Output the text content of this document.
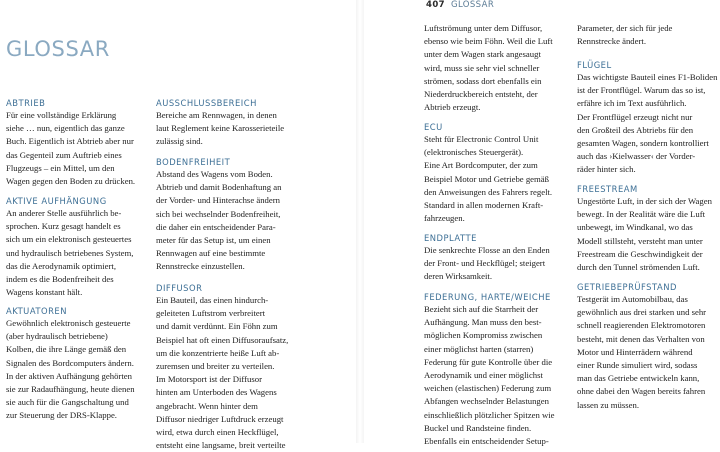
GLOSSAR
ABTRIEB

Für eine vollständige Erklärung
siehe … nun, eigentlich das ganze
Buch. Eigentlich ist Abtrieb aber nur
das Gegenteil zum Auftrieb eines
Flugzeugs – ein Mittel, um den
Wagen gegen den Boden zu drücken.

AKTIVE AUFHÄNGUNG

An anderer Stelle ausführlich be-
sprochen. Kurz gesagt handelt es
sich um ein elektronisch gesteuertes
und hydraulisch betriebenes System,
das die Aerodynamik optimiert,
indem es die Bodenfreiheit des
Wagens konstant hält.

AKTUATOREN

Gewöhnlich elektronisch gesteuerte
(aber hydraulisch betriebene)
Kolben, die ihre Länge gemäß den
Signalen des Bordcomputers ändern.
In der aktiven Aufhängung gehörten
sie zur Radaufhängung, heute dienen
sie auch für die Gangschaltung und
zur Steuerung der DRS-Klappe.

AUSSCHLUSSBEREICH

Bereiche am Rennwagen, in denen
laut Reglement keine Karosserieteile
zulässig sind.

BODENFREIHEIT

Abstand des Wagens vom Boden.
Abtrieb und damit Bodenhaftung an
der Vorder- und Hinterachse ändern
sich bei wechselnder Bodenfreiheit,
die daher ein entscheidender Para-
meter für das Setup ist, um einen
Rennwagen auf eine bestimmte
Rennstrecke einzustellen.

DIFFUSOR

Ein Bauteil, das einen hindurch-
geleiteten Luftstrom verbreitert
und damit verdünnt. Ein Föhn zum
Beispiel hat oft einen Diffusoraufsatz,
um die konzentrierte heiße Luft ab-
zuremsen und breiter zu verteilen.
Im Motorsport ist der Diffusor
hinten am Unterboden des Wagens
angebracht. Wenn hinter dem
Diffusor niedriger Luftdruck erzeugt
wird, etwa durch einen Heckflügel,
entsteht eine langsame, breit verteilte

407 GLOSSAR

Luftströmung unter dem Diffusor,
ebenso wie beim Föhn. Weil die Luft
unter dem Wagen stark angesaugt
wird, muss sie sehr viel schneller
strömen, sodass dort ebenfalls ein
Niederdruckbereich entsteht, der
Abtrieb erzeugt.

ECU

Steht für Electronic Control Unit
(elektronisches Steuergerät).
Eine Art Bordcomputer, der zum
Beispiel Motor und Getriebe gemäß
den Anweisungen des Fahrers regelt.
Standard in allen modernen Kraft-
fahrzeugen.

ENDPLATTE

Die senkrechte Flosse an den Enden
der Front- und Heckflügel; steigert
deren Wirksamkeit.

FEDERUNG, HARTE/WEICHE

Bezieht sich auf die Starrheit der
Aufhängung. Man muss den best-
möglichen Kompromiss zwischen
einer möglichst harten (starren)
Federung für gute Kontrolle über die
Aerodynamik und einer möglichst
weichen (elastischen) Federung zum
Abfangen wechselnder Belastungen
einschließlich plötzlicher Spitzen wie
Buckel und Randsteine finden.
Ebenfalls ein entscheidender Setup-

Parameter, der sich für jede
Rennstrecke ändert.

FLÜGEL

Das wichtigste Bauteil eines F1-Boliden
ist der Frontflügel. Warum das so ist,
erfähre ich im Text ausführlich.
Der Frontflügel erzeugt nicht nur
den Großteil des Abtriebs für den
gesamten Wagen, sondern kontrolliert
auch das ›Kielwasser‹ der Vorder-
räder hinter sich.

FREESTREAM

Ungestörte Luft, in der sich der Wagen
bewegt. In der Realität wäre die Luft
unbewegt, im Windkanal, wo das
Modell stillsteht, versteht man unter
Freestream die Geschwindigkeit der
durch den Tunnel strömenden Luft.

GETRIEBEPRÜFSTAND

Testgerät im Automobilbau, das
gewöhnlich aus drei starken und sehr
schnell reagierenden Elektromotoren
besteht, mit denen das Verhalten von
Motor und Hinterrädern während
einer Runde simuliert wird, sodass
man das Getriebe entwickeln kann,
ohne dabei den Wagen bereits fahren
lassen zu müssen.
